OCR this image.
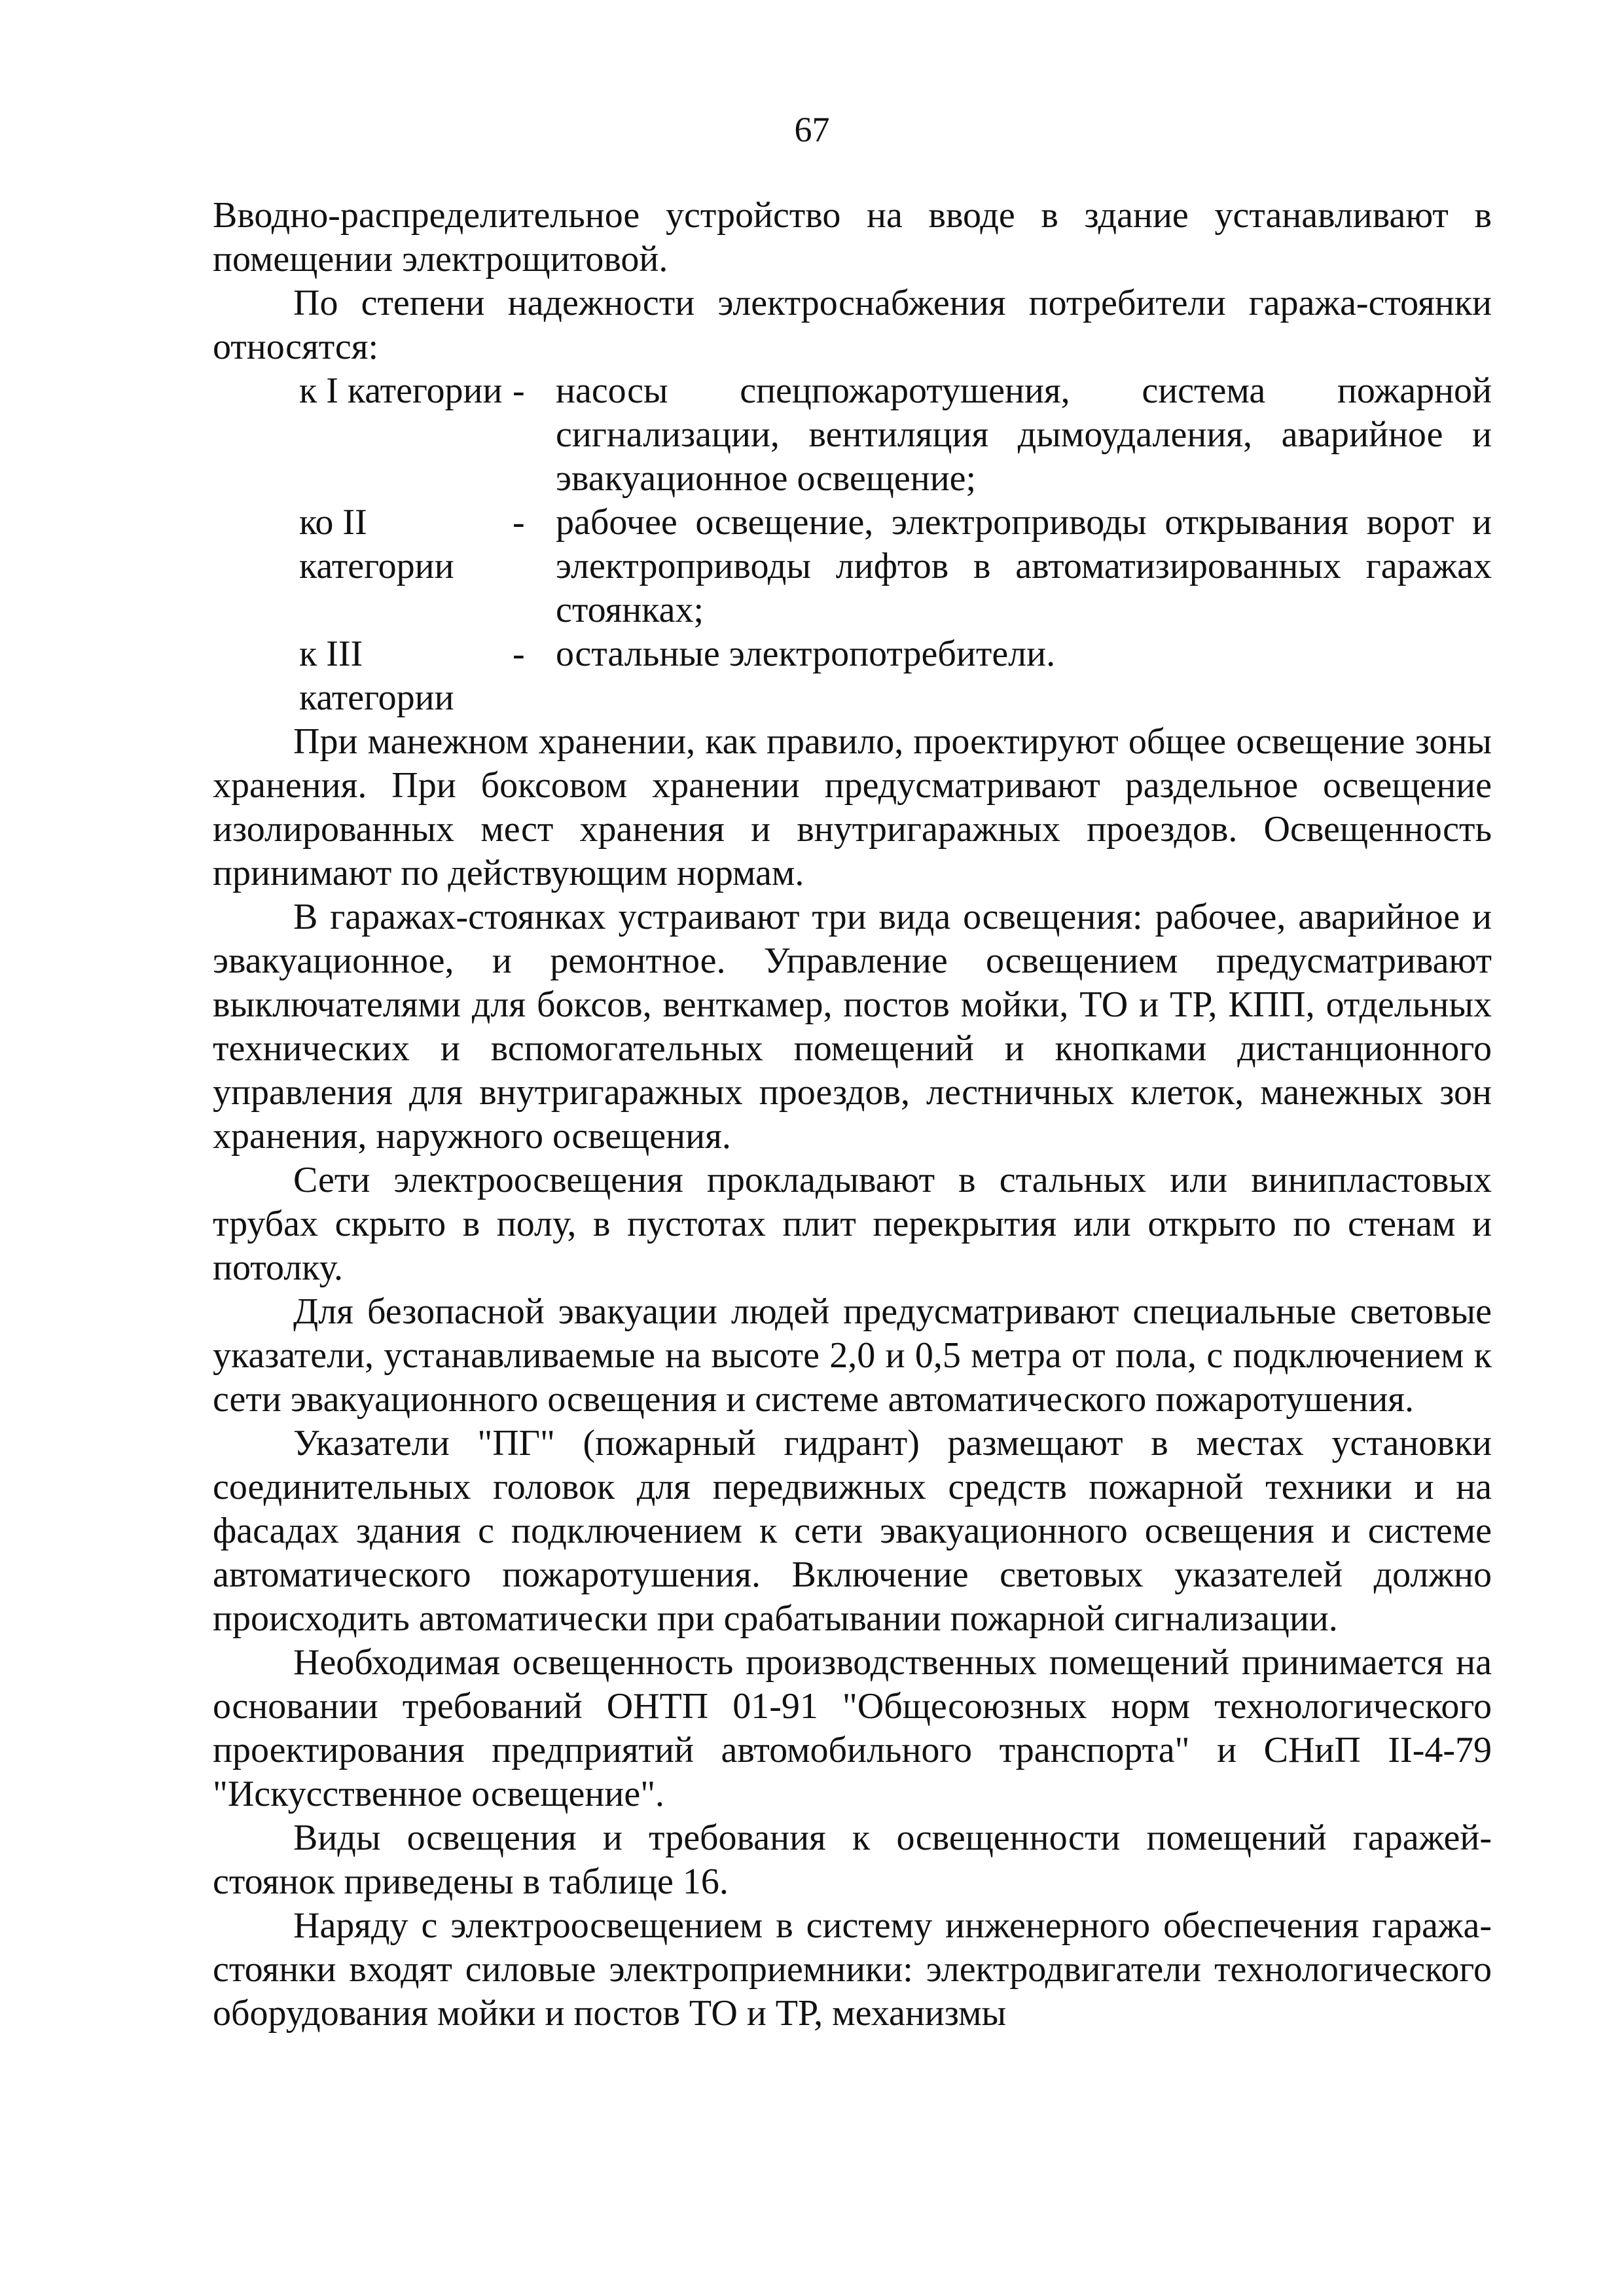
67

Вводно-распределительное устройство на вводе в здание устанавливают в помещении электрощитовой.

По степени надежности электроснабжения потребители гаража-стоянки относятся:

к I категории - насосы спецпожаротушения, система пожарной сигнализации, вентиляция дымоудаления, аварийное и эвакуационное освещение;
ко II категории
- рабочее освещение, электроприводы открывания ворот и электроприводы лифтов в автоматизированных гаражах стоянках;
к III категории
- остальные электропотребители.

При манежном хранении, как правило, проектируют общее освещение зоны хранения. При боксовом хранении предусматривают раздельное освещение изолированных мест хранения и внутригаражных проездов. Освещенность принимают по действующим нормам.

В гаражах-стоянках устраивают три вида освещения: рабочее, аварийное и эвакуационное, и ремонтное. Управление освещением предусматривают выключателями для боксов, венткамер, постов мойки, ТО и ТР, КПП, отдельных технических и вспомогательных помещений и кнопками дистанционного управления для внутригаражных проездов, лестничных клеток, манежных зон хранения, наружного освещения.

Сети электроосвещения прокладывают в стальных или винипластовых трубах скрыто в полу, в пустотах плит перекрытия или открыто по стенам и потолку.

Для безопасной эвакуации людей предусматривают специальные световые указатели, устанавливаемые на высоте 2,0 и 0,5 метра от пола, с подключением к сети эвакуационного освещения и системе автоматического пожаротушения.

Указатели "ПГ" (пожарный гидрант) размещают в местах установки соединительных головок для передвижных средств пожарной техники и на фасадах здания с подключением к сети эвакуационного освещения и системе автоматического пожаротушения. Включение световых указателей должно происходить автоматически при срабатывании пожарной сигнализации.

Необходимая освещенность производственных помещений принимается на основании требований ОНТП 01-91 "Общесоюзных норм технологического проектирования предприятий автомобильного транспорта" и СНиП II-4-79 "Искусственное освещение".

Виды освещения и требования к освещенности помещений гаражей-стоянок приведены в таблице 16.

Наряду с электроосвещением в систему инженерного обеспечения гаража-стоянки входят силовые электроприемники: электродвигатели технологического оборудования мойки и постов ТО и ТР, механизмы
